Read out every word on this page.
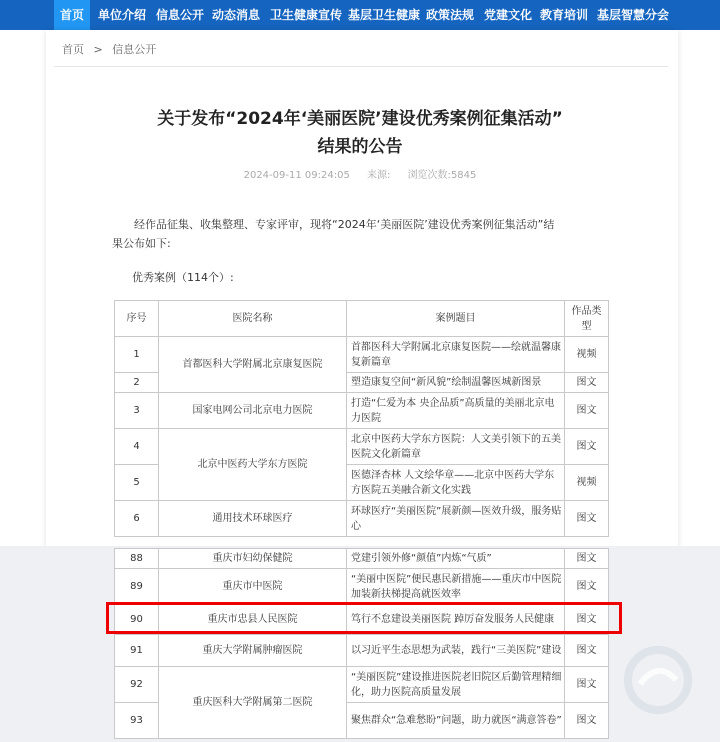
首页	单位介绍 信息公开 动态消息 卫生健康宣传 基层卫生健康 政策法规 党建文化 教育培训 基层智慧分会
首页 > 信息公开
关于发布“2024年‘美丽医院’建设优秀案例征集活动”
结果的公告
2024-09-11 09:24:05 来源: 浏览次数:5845
经作品征集、收集整理、专家评审，现将“2024年‘美丽医院’建设优秀案例征集活动”结
果公布如下:
优秀案例（114个）:
序号	医院名称	案例题目	作品类型
1	首都医科大学附属北京康复医院	首都医科大学附属北京康复医院——绘就温馨康复新篇章	视频
2		塑造康复空间“新风貌”绘制温馨医城新图景	图文
3	国家电网公司北京电力医院	打造“仁爱为本 央企品质”高质量的美丽北京电力医院	图文
4	北京中医药大学东方医院	北京中医药大学东方医院：人文美引领下的五美医院文化新篇章	图文
5		医德泽杏林 人文绘华章——北京中医药大学东方医院五美融合新文化实践	视频
6	通用技术环球医疗	环球医疗“美丽医院”展新颜—医效升级，服务贴心	图文
88	重庆市妇幼保健院	党建引领外修“颜值”内炼“气质”	图文
89	重庆市中医院	“美丽中医院”便民惠民新措施——重庆市中医院加装新扶梯提高就医效率	图文
90	重庆市忠县人民医院	笃行不怠建设美丽医院 踔厉奋发服务人民健康	图文
91	重庆大学附属肿瘤医院	以习近平生态思想为武装，践行“三美医院”建设	图文
92	重庆医科大学附属第二医院	“美丽医院”建设推进医院老旧院区后勤管理精细化，助力医院高质量发展	图文
93		聚焦群众“急难愁盼”问题，助力就医“满意答卷”	图文
